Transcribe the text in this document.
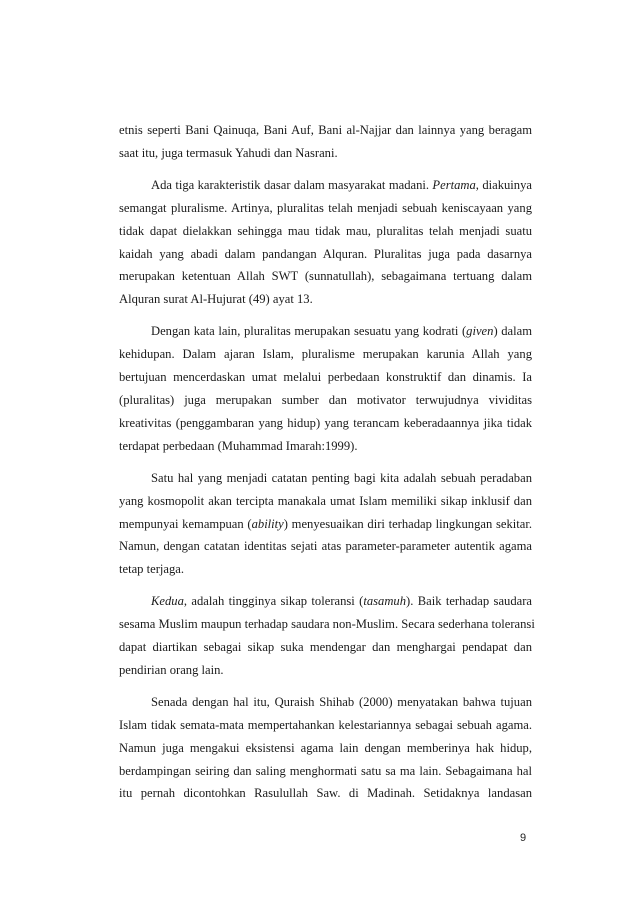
etnis seperti Bani Qainuqa, Bani Auf, Bani al-Najjar dan lainnya yang beragam
saat itu, juga termasuk Yahudi dan Nasrani.
Ada tiga karakteristik dasar dalam masyarakat madani. Pertama, diakuinya
semangat pluralisme. Artinya, pluralitas telah menjadi sebuah keniscayaan yang
tidak dapat dielakkan sehingga mau tidak mau, pluralitas telah menjadi suatu
kaidah yang abadi dalam pandangan Alquran. Pluralitas juga pada dasarnya
merupakan ketentuan Allah SWT (sunnatullah), sebagaimana tertuang dalam
Alquran surat Al-Hujurat (49) ayat 13.
Dengan kata lain, pluralitas merupakan sesuatu yang kodrati (given) dalam
kehidupan. Dalam ajaran Islam, pluralisme merupakan karunia Allah yang
bertujuan mencerdaskan umat melalui perbedaan konstruktif dan dinamis. Ia
(pluralitas) juga merupakan sumber dan motivator terwujudnya vividitas
kreativitas (penggambaran yang hidup) yang terancam keberadaannya jika tidak
terdapat perbedaan (Muhammad Imarah:1999).
Satu hal yang menjadi catatan penting bagi kita adalah sebuah peradaban
yang kosmopolit akan tercipta manakala umat Islam memiliki sikap inklusif dan
mempunyai kemampuan (ability) menyesuaikan diri terhadap lingkungan sekitar.
Namun, dengan catatan identitas sejati atas parameter-parameter autentik agama
tetap terjaga.
Kedua, adalah tingginya sikap toleransi (tasamuh). Baik terhadap saudara
sesama Muslim maupun terhadap saudara non-Muslim. Secara sederhana toleransi
dapat diartikan sebagai sikap suka mendengar dan menghargai pendapat dan
pendirian orang lain.
Senada dengan hal itu, Quraish Shihab (2000) menyatakan bahwa tujuan
Islam tidak semata-mata mempertahankan kelestariannya sebagai sebuah agama.
Namun juga mengakui eksistensi agama lain dengan memberinya hak hidup,
berdampingan seiring dan saling menghormati satu sa ma lain. Sebagaimana hal
itu pernah dicontohkan Rasulullah Saw. di Madinah. Setidaknya landasan
9
